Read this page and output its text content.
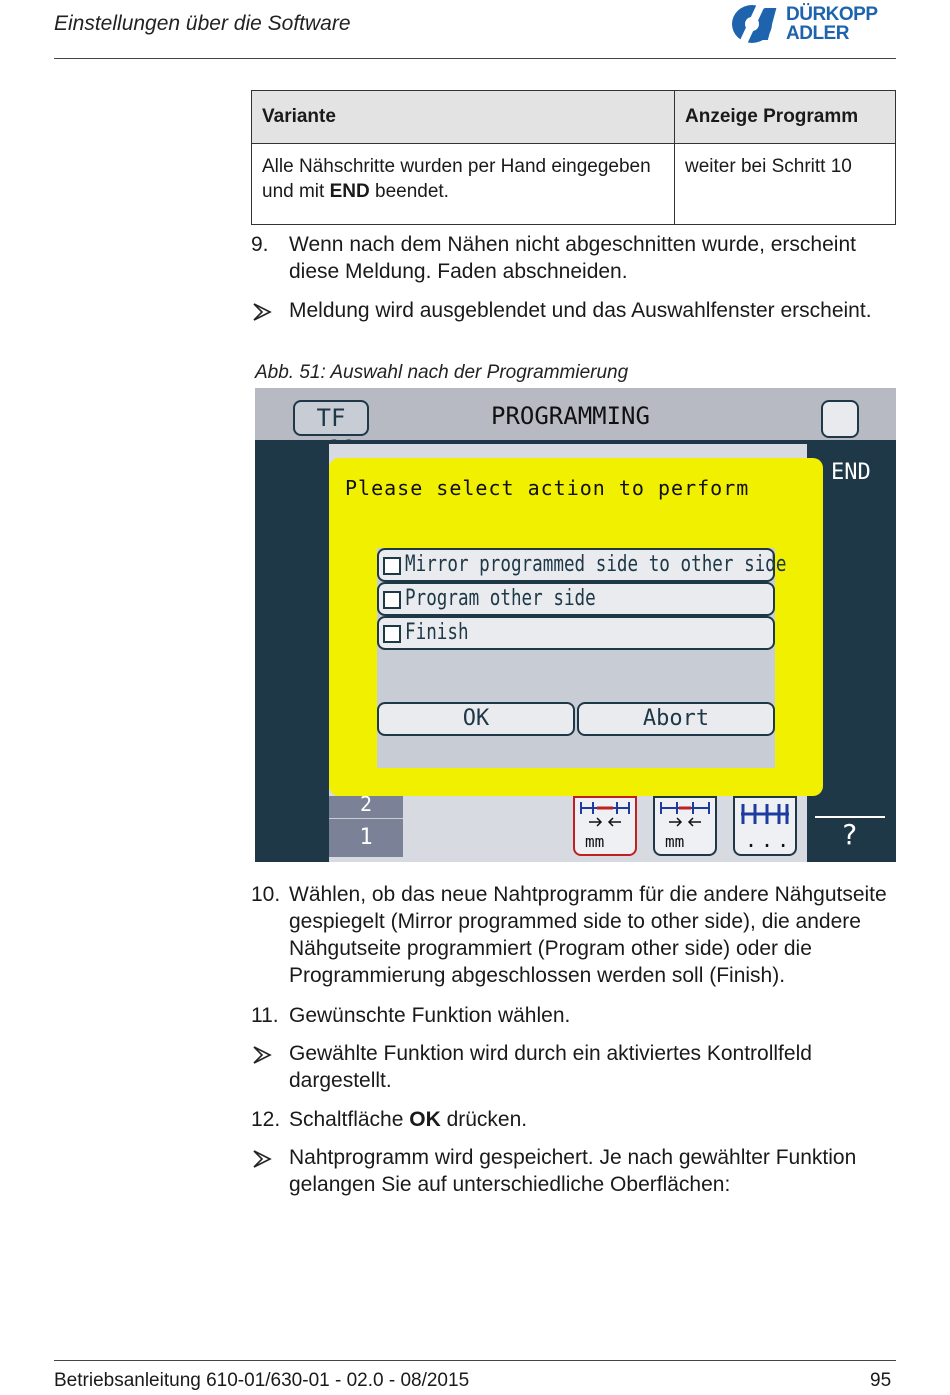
Einstellungen über die Software	DÜRKOPP
ADLER
Variante	Anzeige Programm
Alle Nähschritte wurden per Hand eingegeben und mit END beendet.	weiter bei Schritt 10
9. Wenn nach dem Nähen nicht abgeschnitten wurde, erscheint diese Meldung. Faden abschneiden.
Meldung wird ausgeblendet und das Auswahlfenster erscheint.
Abb. 51: Auswahl nach der Programmierung
TF	PROGRAMMING
END
Please select action to perform
Mirror programmed side to other side
Program other side
Finish
OK	Abort
2
1	mm	mm	... ?
10. Wählen, ob das neue Nahtprogramm für die andere Nähgutseite gespiegelt (Mirror programmed side to other side), die andere Nähgutseite programmiert (Program other side) oder die Programmierung abgeschlossen werden soll (Finish).
11. Gewünschte Funktion wählen.
Gewählte Funktion wird durch ein aktiviertes Kontrollfeld dargestellt.
12. Schaltfläche OK drücken.
Nahtprogramm wird gespeichert. Je nach gewählter Funktion gelangen Sie auf unterschiedliche Oberflächen:
Betriebsanleitung 610-01/630-01 - 02.0 - 08/2015	95
